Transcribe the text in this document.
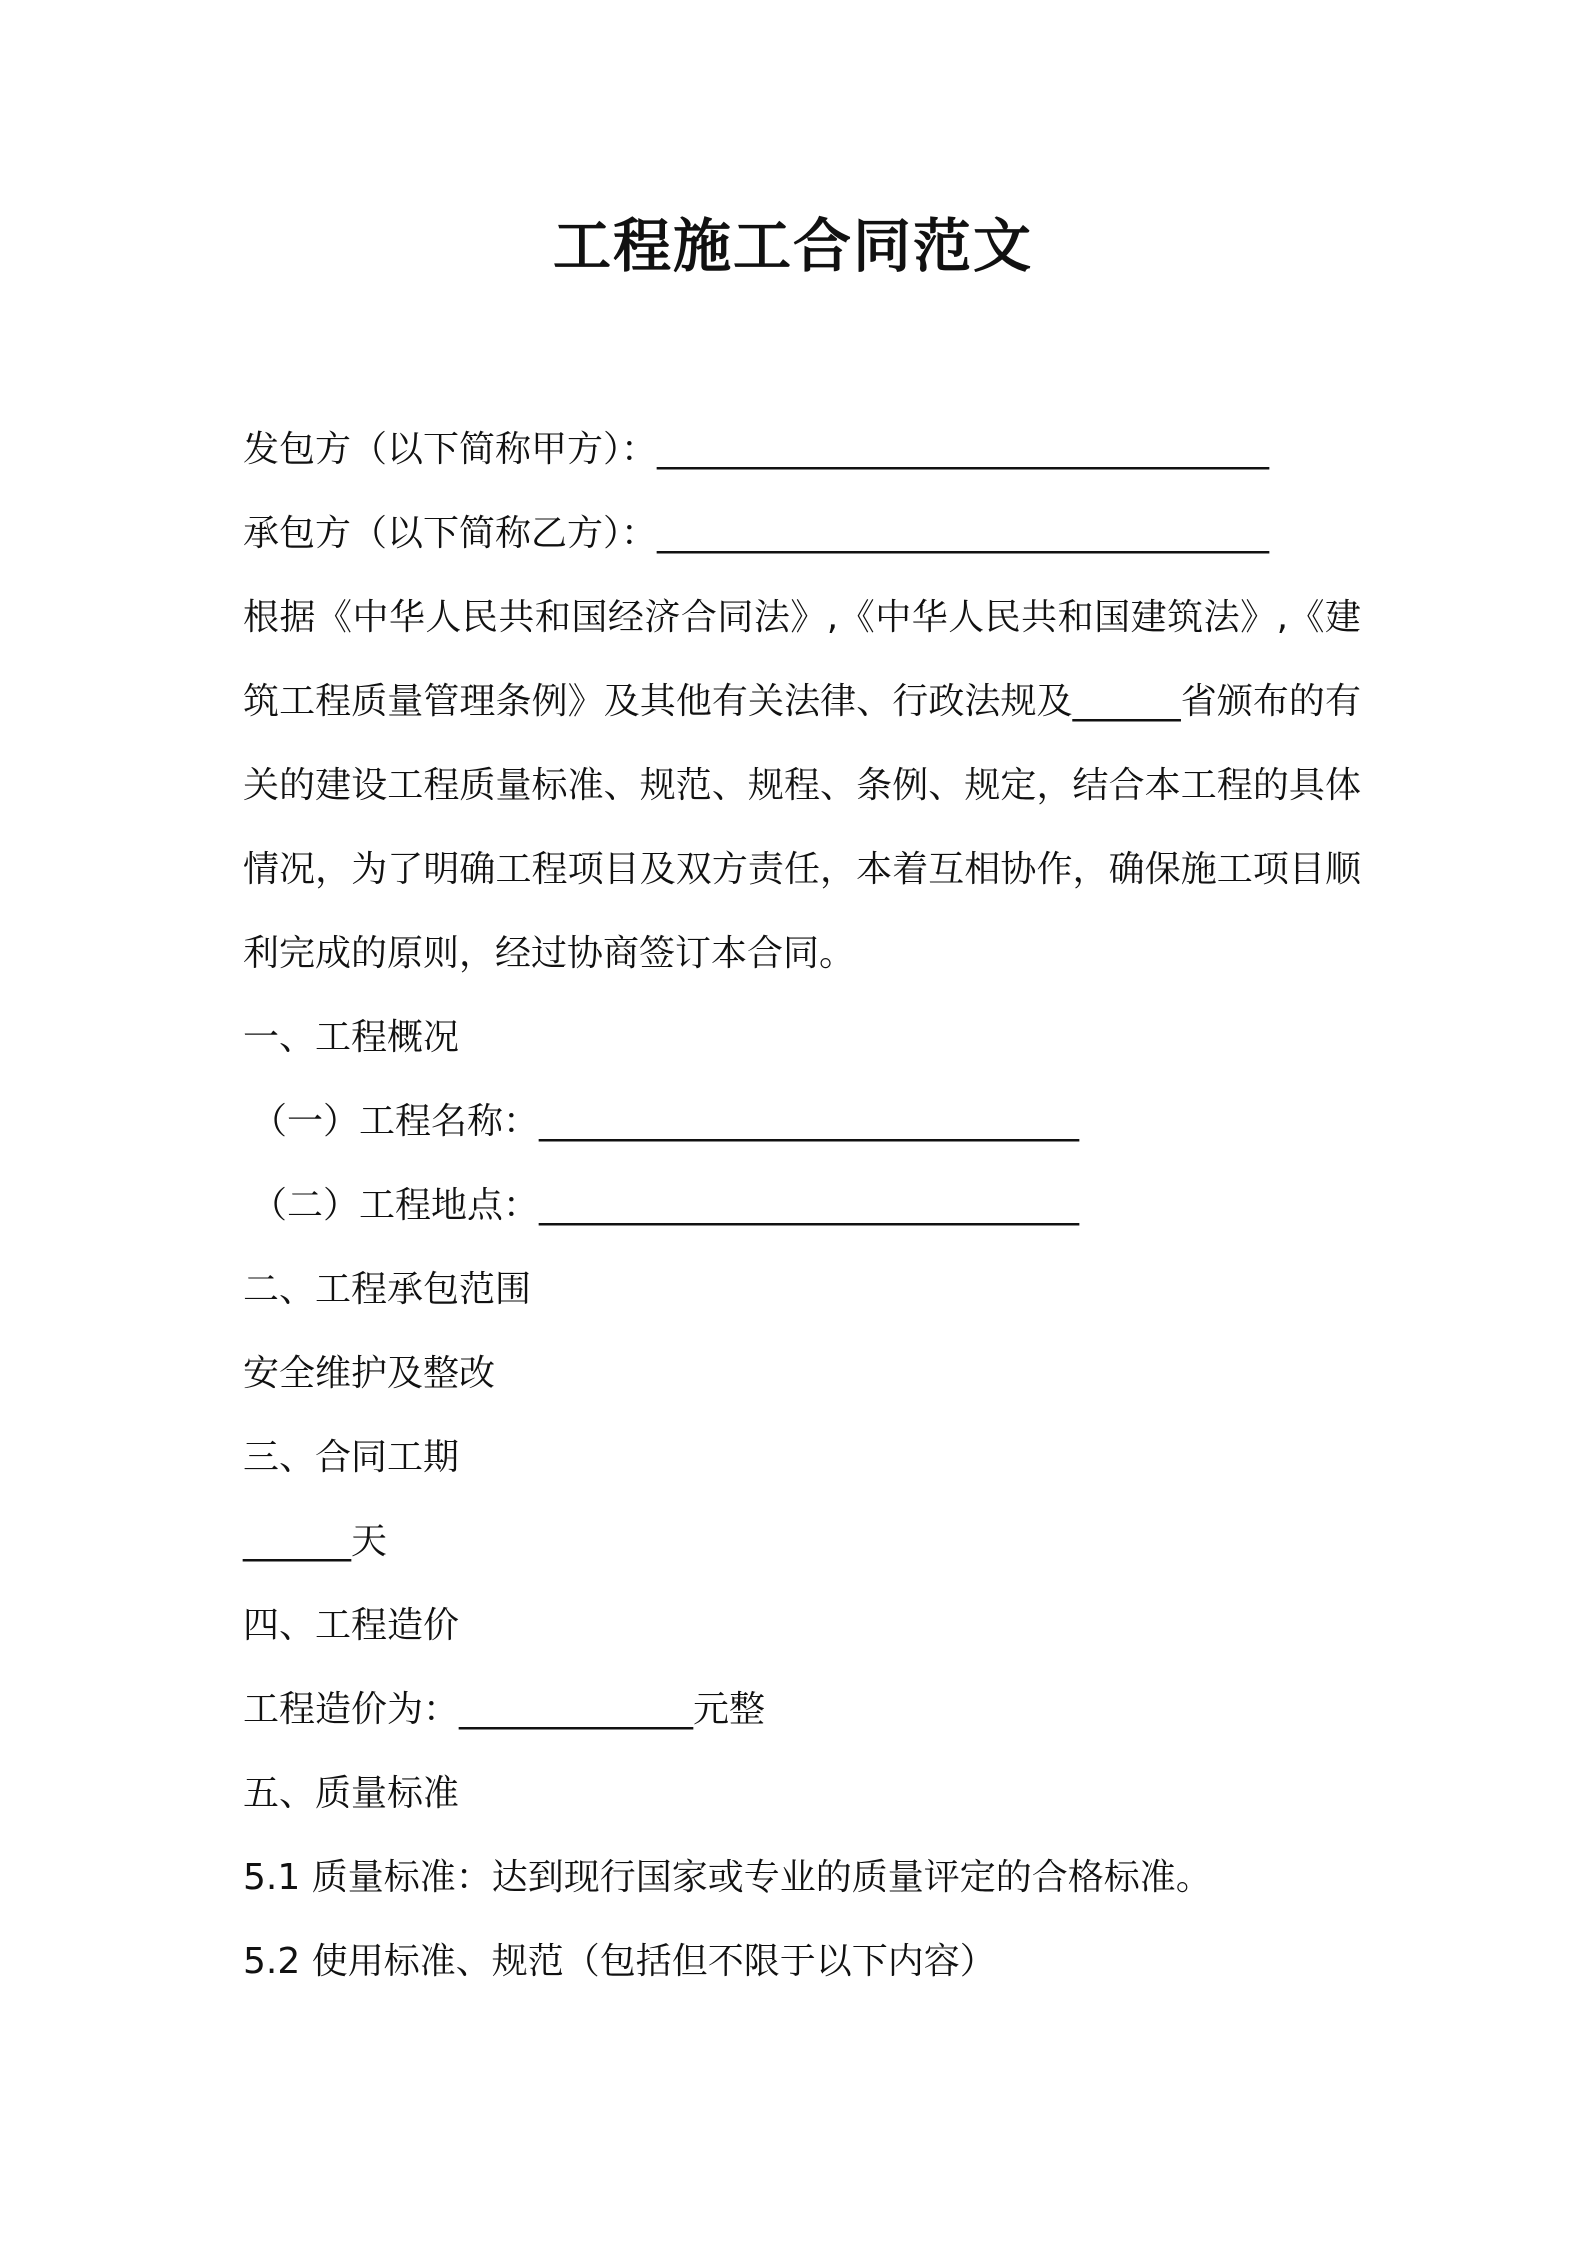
工程施工合同范文
发包方（以下简称甲方）：__________________________________
承包方（以下简称乙方）：__________________________________
根据《中华人民共和国经济合同法》,《中华人民共和国建筑法》,《建筑工程质量管理条例》及其他有关法律、行政法规及______省颁布的有关的建设工程质量标准、规范、规程、条例、规定，结合本工程的具体情况，为了明确工程项目及双方责任，本着互相协作，确保施工项目顺利完成的原则，经过协商签订本合同。
一、工程概况
（一）工程名称：______________________________
（二）工程地点：______________________________
二、工程承包范围
安全维护及整改
三、合同工期
______天
四、工程造价
工程造价为：_____________元整
五、质量标准
5.1 质量标准：达到现行国家或专业的质量评定的合格标准。
5.2 使用标准、规范（包括但不限于以下内容）
